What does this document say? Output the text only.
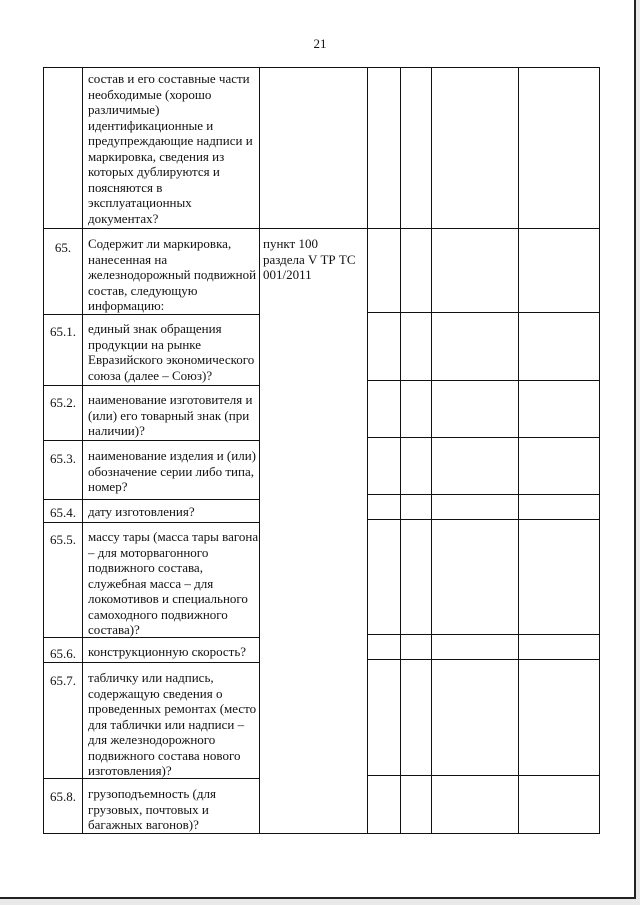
21
состав и его составные части
необходимые (хорошо
различимые)
идентификационные и
предупреждающие надписи и
маркировка, сведения из
которых дублируются и
поясняются в
эксплуатационных
документах?
65.	Содержит ли маркировка,
нанесенная на
железнодорожный подвижной
состав, следующую
информацию:
пункт 100
раздела V ТР ТС
001/2011
65.1. единый знак обращения
продукции на рынке
Евразийского экономического
союза (далее – Союз)?
65.2. наименование изготовителя и
(или) его товарный знак (при
наличии)?
65.3. наименование изделия и (или)
обозначение серии либо типа,
номер?
65.4. дату изготовления?
65.5. массу тары (масса тары вагона
– для моторвагонного
подвижного состава,
служебная масса – для
локомотивов и специального
самоходного подвижного
состава)?
65.6. конструкционную скорость?
65.7. табличку или надпись,
содержащую сведения о
проведенных ремонтах (место
для таблички или надписи –
для железнодорожного
подвижного состава нового
изготовления)?
65.8. грузоподъемность (для
грузовых, почтовых и
багажных вагонов)?
